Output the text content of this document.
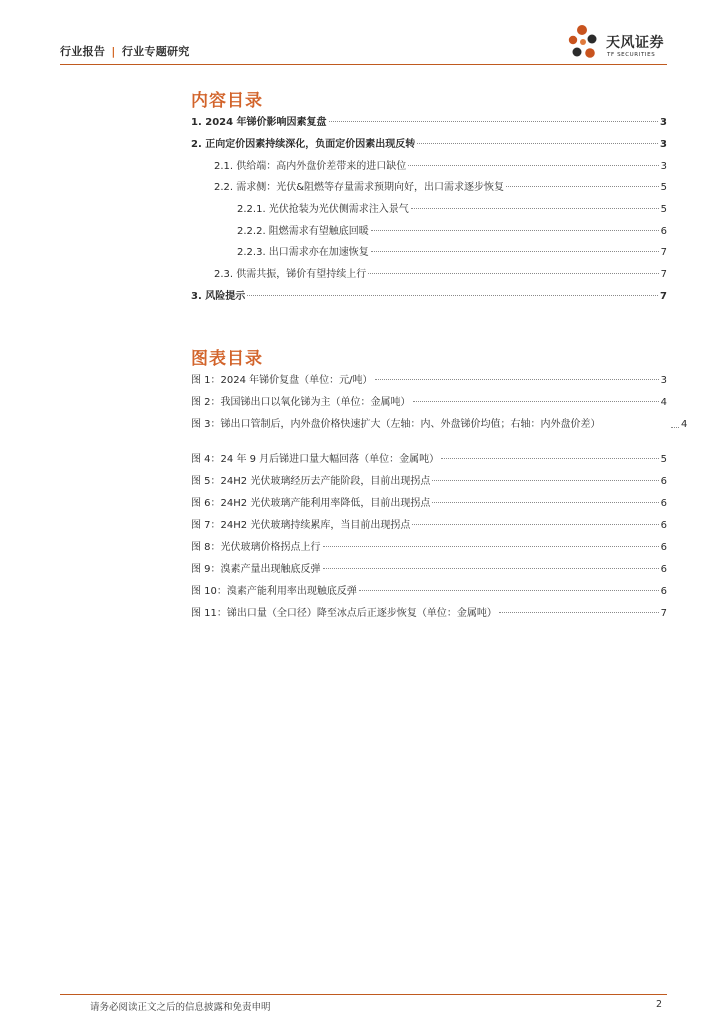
行业报告 | 行业专题研究
天风证券
TF SECURITIES
内容目录
1. 2024 年锑价影响因素复盘	3
2. 正向定价因素持续深化，负面定价因素出现反转	3
2.1. 供给端：高内外盘价差带来的进口缺位	3
2.2. 需求侧：光伏&阻燃等存量需求预期向好，出口需求逐步恢复	5
2.2.1. 光伏抢装为光伏侧需求注入景气	5
2.2.2. 阻燃需求有望触底回暖	6
2.2.3. 出口需求亦在加速恢复	7
2.3. 供需共振，锑价有望持续上行	7
3. 风险提示	7
图表目录
图 1：2024 年锑价复盘（单位：元/吨）	3
图 2：我国锑出口以氧化锑为主（单位：金属吨）	4
图 3：锑出口管制后，内外盘价格快速扩大（左轴：内、外盘锑价均值；右轴：内外盘价差）	4
图 4：24 年 9 月后锑进口量大幅回落（单位：金属吨）	5
图 5：24H2 光伏玻璃经历去产能阶段，目前出现拐点	6
图 6：24H2 光伏玻璃产能利用率降低，目前出现拐点	6
图 7：24H2 光伏玻璃持续累库，当目前出现拐点	6
图 8：光伏玻璃价格拐点上行	6
图 9：溴素产量出现触底反弹	6
图 10：溴素产能利用率出现触底反弹	6
图 11：锑出口量（全口径）降至冰点后正逐步恢复（单位：金属吨）	7
请务必阅读正文之后的信息披露和免责申明	2
